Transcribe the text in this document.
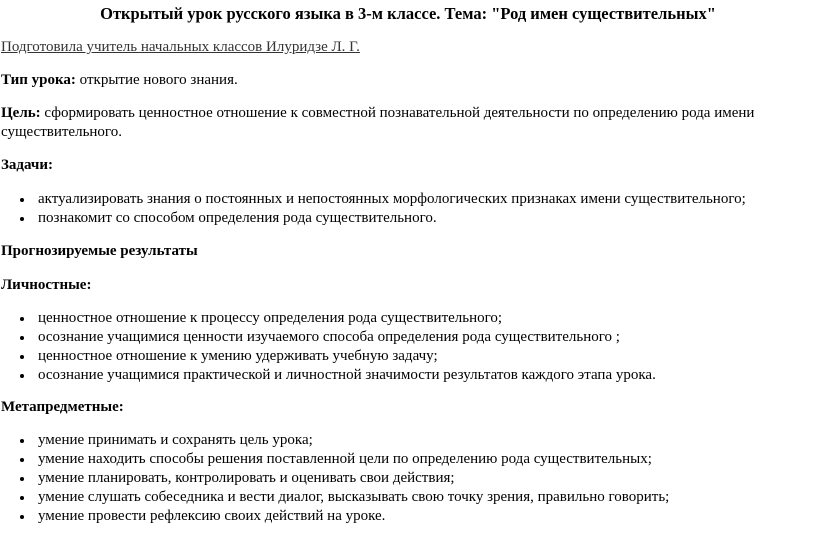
Открытый урок русского языка в 3-м классе. Тема: "Род имен существительных"

Подготовила учитель начальных классов Илуридзе Л. Г.

Тип урока: открытие нового знания.

Цель: сформировать ценностное отношение к совместной познавательной деятельности по определению рода имени существительного.

Задачи:

актуализировать знания о постоянных и непостоянных морфологических признаках имени существительного;
познакомит со способом определения рода существительного.

Прогнозируемые результаты

Личностные:

ценностное отношение к процессу определения рода существительного;
осознание учащимися ценности изучаемого способа определения рода существительного ;
ценностное отношение к умению удерживать учебную задачу;
осознание учащимися практической и личностной значимости результатов каждого этапа урока.

Метапредметные:

умение принимать и сохранять цель урока;
умение находить способы решения поставленной цели по определению рода существительных;
умение планировать, контролировать и оценивать свои действия;
умение слушать собеседника и вести диалог, высказывать свою точку зрения, правильно говорить;
умение провести рефлексию своих действий на уроке.
